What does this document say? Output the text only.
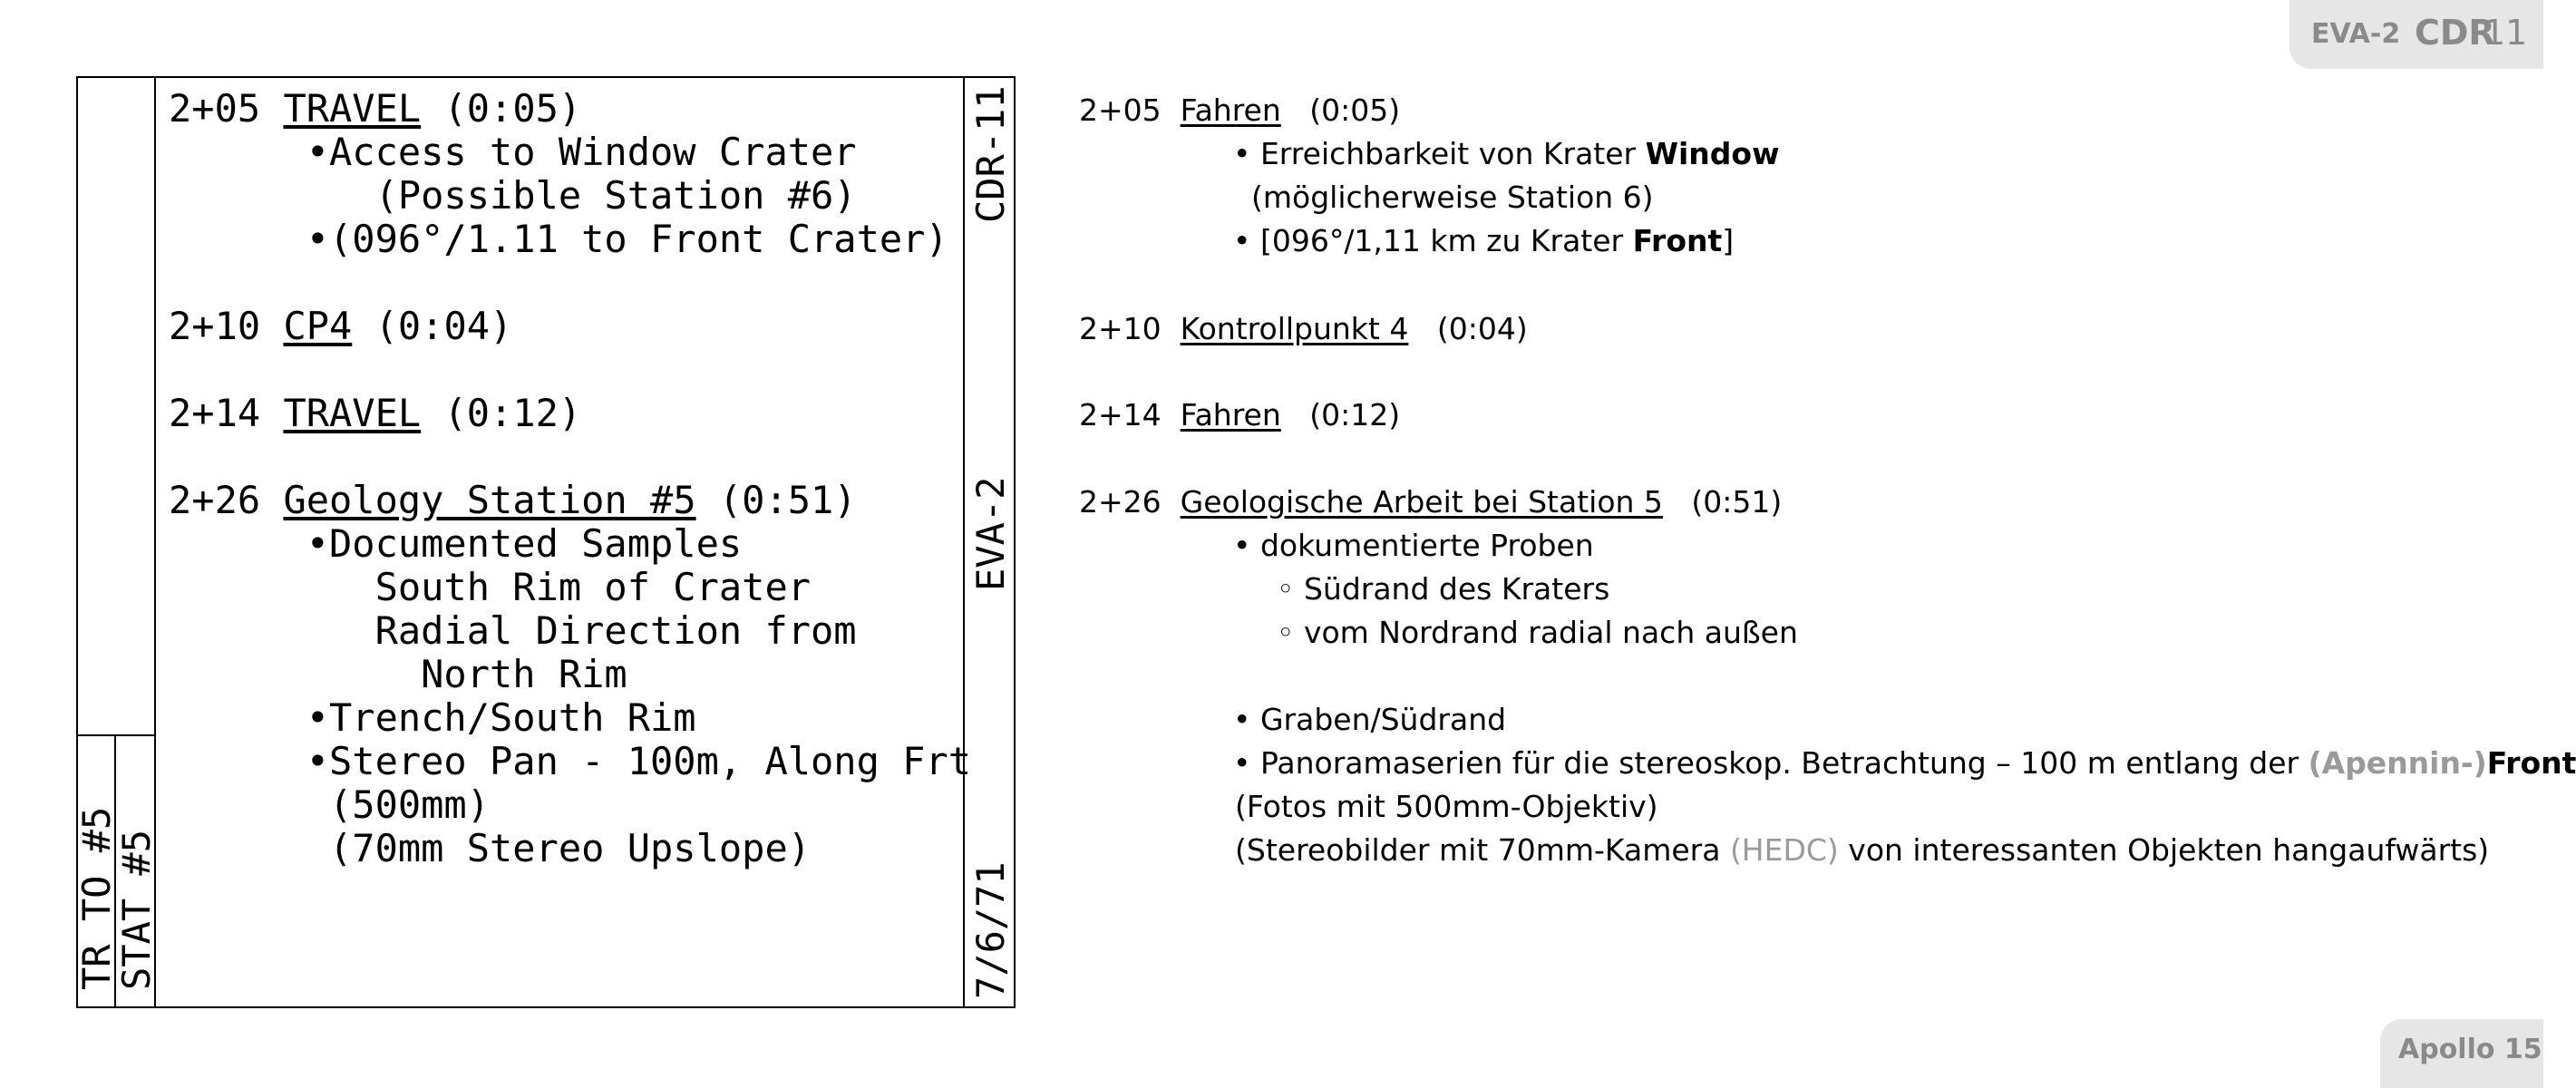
EVA-2 CDR
11
Apollo 15
CDR-11
EVA-2
7/6/71
TR TO #5
STAT #5
2+05 TRAVEL (0:05)
•Access to Window Crater
(Possible Station #6)
•(096°/1.11 to Front Crater)
2+10 CP4 (0:04)
2+14 TRAVEL (0:12)
2+26 Geology Station #5 (0:51)
•Documented Samples
South Rim of Crater
Radial Direction from
North Rim
•Trench/South Rim
•Stereo Pan - 100m, Along Frt
(500mm)
(70mm Stereo Upslope)
2+05 Fahren (0:05)
• Erreichbarkeit von Krater Window
(möglicherweise Station 6)
• [096°/1,11 km zu Krater Front]
2+10 Kontrollpunkt 4 (0:04)
2+14 Fahren (0:12)
2+26 Geologische Arbeit bei Station 5 (0:51)
• dokumentierte Proben
◦ Südrand des Kraters
◦ vom Nordrand radial nach außen
• Graben/Südrand
• Panoramaserien für die stereoskop. Betrachtung – 100 m entlang der (Apennin-)Front
(Fotos mit 500mm-Objektiv)
(Stereobilder mit 70mm-Kamera (HEDC) von interessanten Objekten hangaufwärts)
